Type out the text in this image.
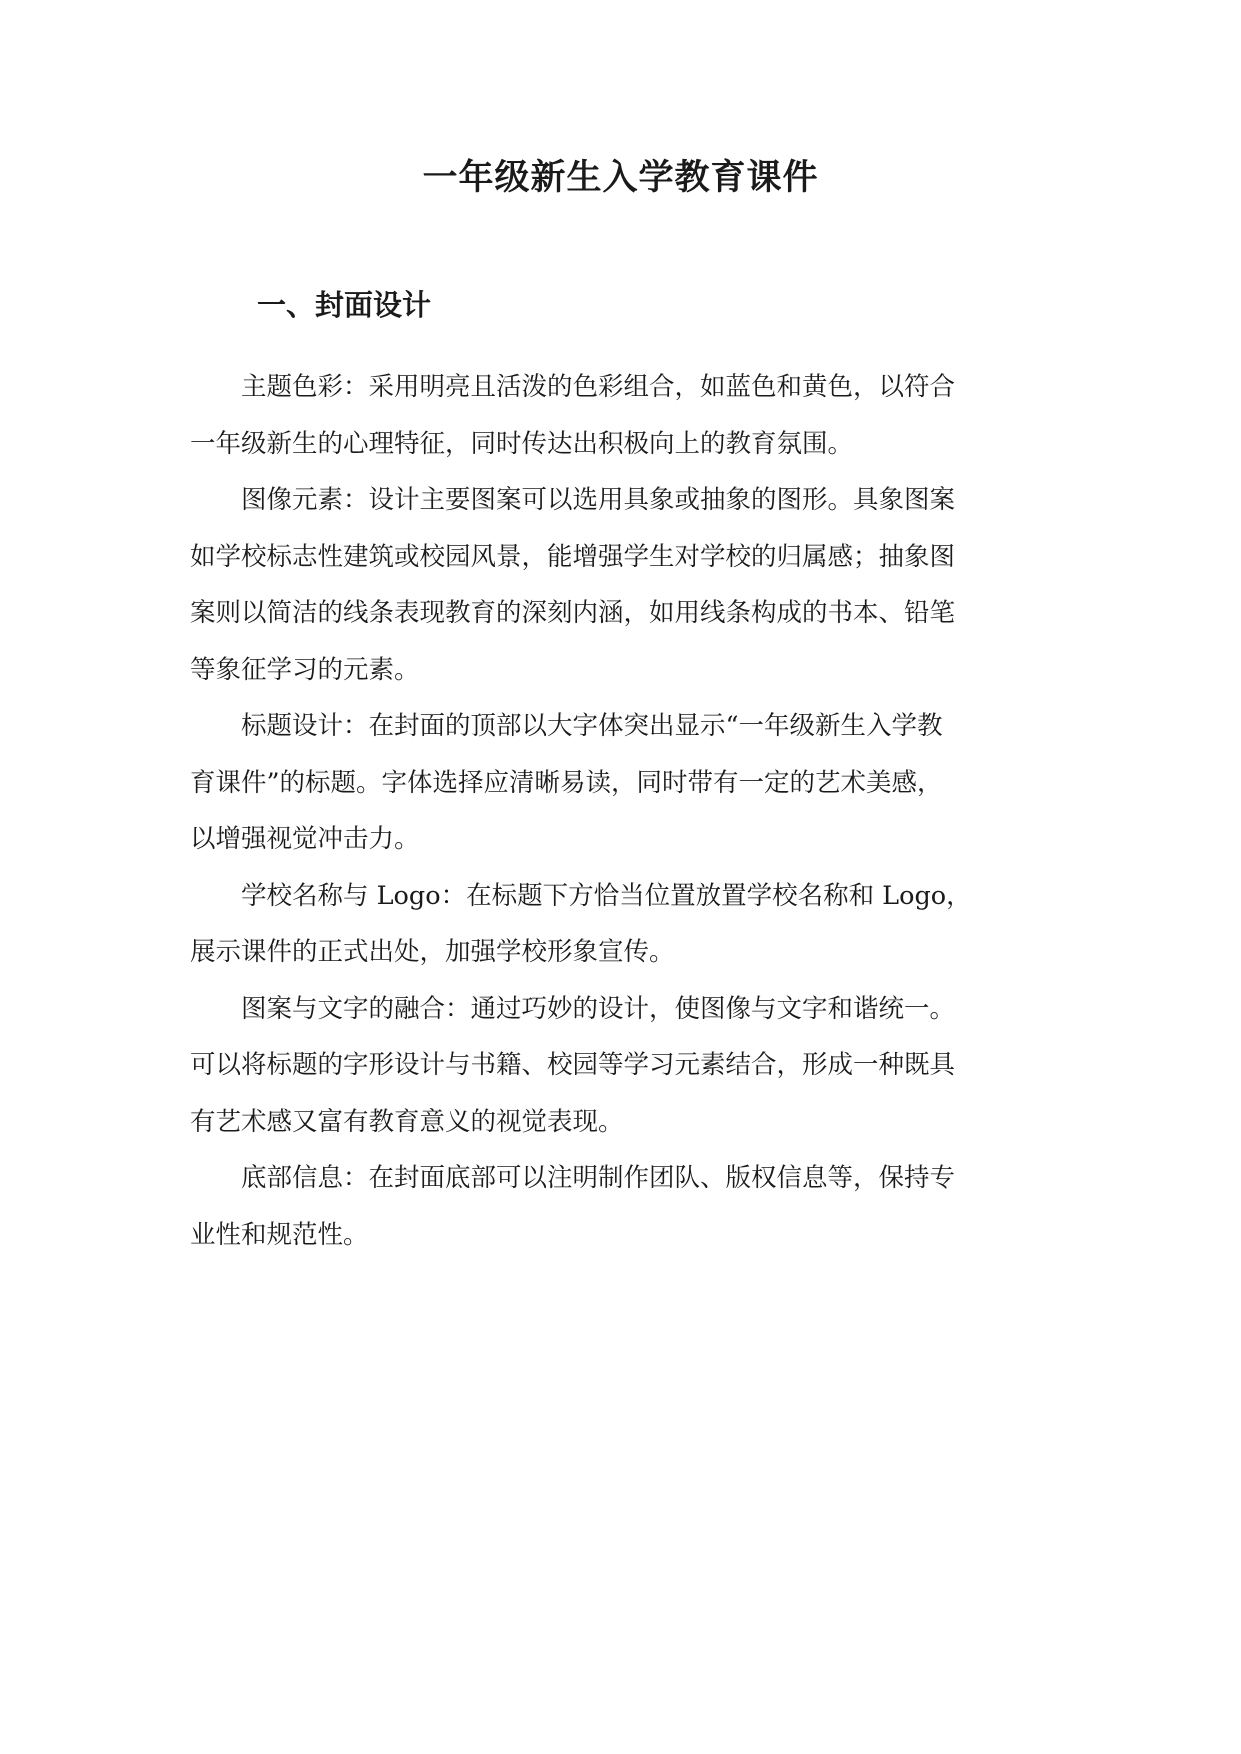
一年级新生入学教育课件
一、封面设计

主题色彩：采用明亮且活泼的色彩组合，如蓝色和黄色，以符合
一年级新生的心理特征，同时传达出积极向上的教育氛围。

图像元素：设计主要图案可以选用具象或抽象的图形。具象图案
如学校标志性建筑或校园风景，能增强学生对学校的归属感；抽象图
案则以简洁的线条表现教育的深刻内涵，如用线条构成的书本、铅笔
等象征学习的元素。

标题设计：在封面的顶部以大字体突出显示“一年级新生入学教
育课件”的标题。字体选择应清晰易读，同时带有一定的艺术美感，
以增强视觉冲击力。

学校名称与 Logo：在标题下方恰当位置放置学校名称和 Logo，
展示课件的正式出处，加强学校形象宣传。

图案与文字的融合：通过巧妙的设计，使图像与文字和谐统一。
可以将标题的字形设计与书籍、校园等学习元素结合，形成一种既具
有艺术感又富有教育意义的视觉表现。

底部信息：在封面底部可以注明制作团队、版权信息等，保持专
业性和规范性。
